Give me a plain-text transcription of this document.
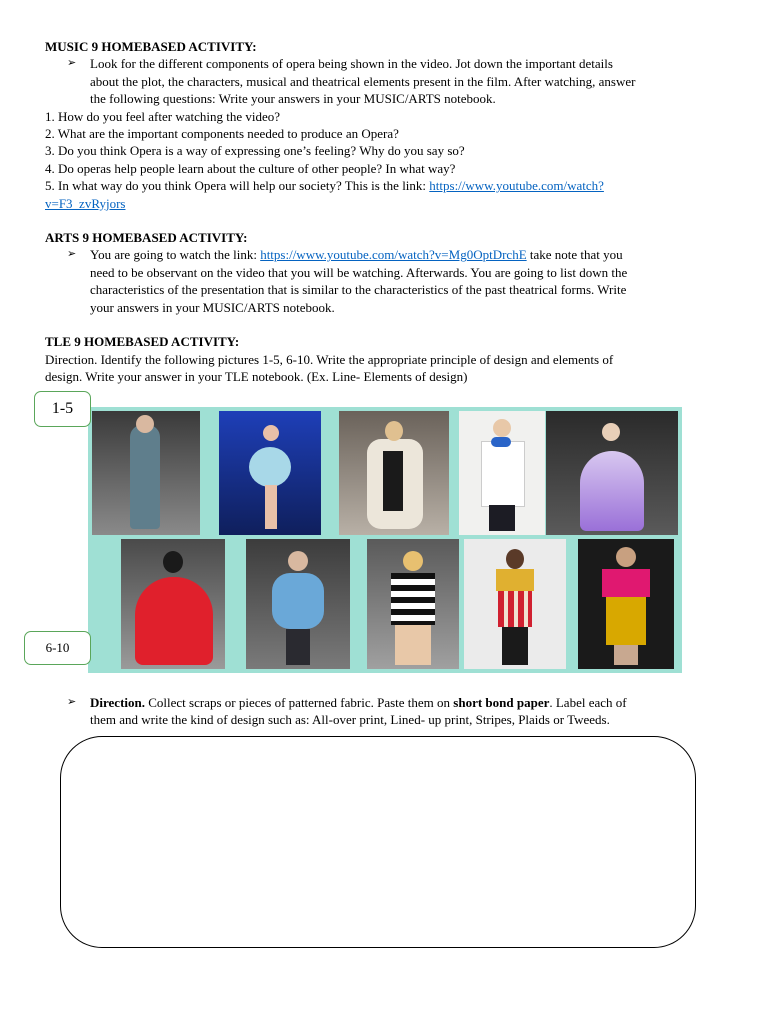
MUSIC 9 HOMEBASED ACTIVITY:

➢ Look for the different components of opera being shown in the video. Jot down the important details
about the plot, the characters, musical and theatrical elements present in the film. After watching, answer
the following questions: Write your answers in your MUSIC/ARTS notebook.

1. How do you feel after watching the video?

2. What are the important components needed to produce an Opera?

3. Do you think Opera is a way of expressing one’s feeling? Why do you say so?

4. Do operas help people learn about the culture of other people? In what way?

5. In what way do you think Opera will help our society? This is the link: https://www.youtube.com/watch?

v=F3_zvRyjors

ARTS 9 HOMEBASED ACTIVITY:

➢ You are going to watch the link: https://www.youtube.com/watch?v=Mg0OptDrchE take note that you
need to be observant on the video that you will be watching. Afterwards. You are going to list down the
characteristics of the presentation that is similar to the characteristics of the past theatrical forms. Write
your answers in your MUSIC/ARTS notebook.

TLE 9 HOMEBASED ACTIVITY:

Direction. Identify the following pictures 1-5, 6-10. Write the appropriate principle of design and elements of

design. Write your answer in your TLE notebook. (Ex. Line- Elements of design)

1-5
6-10
➢ Direction. Collect scraps or pieces of patterned fabric. Paste them on short bond paper. Label each of
them and write the kind of design such as: All-over print, Lined- up print, Stripes, Plaids or Tweeds.
